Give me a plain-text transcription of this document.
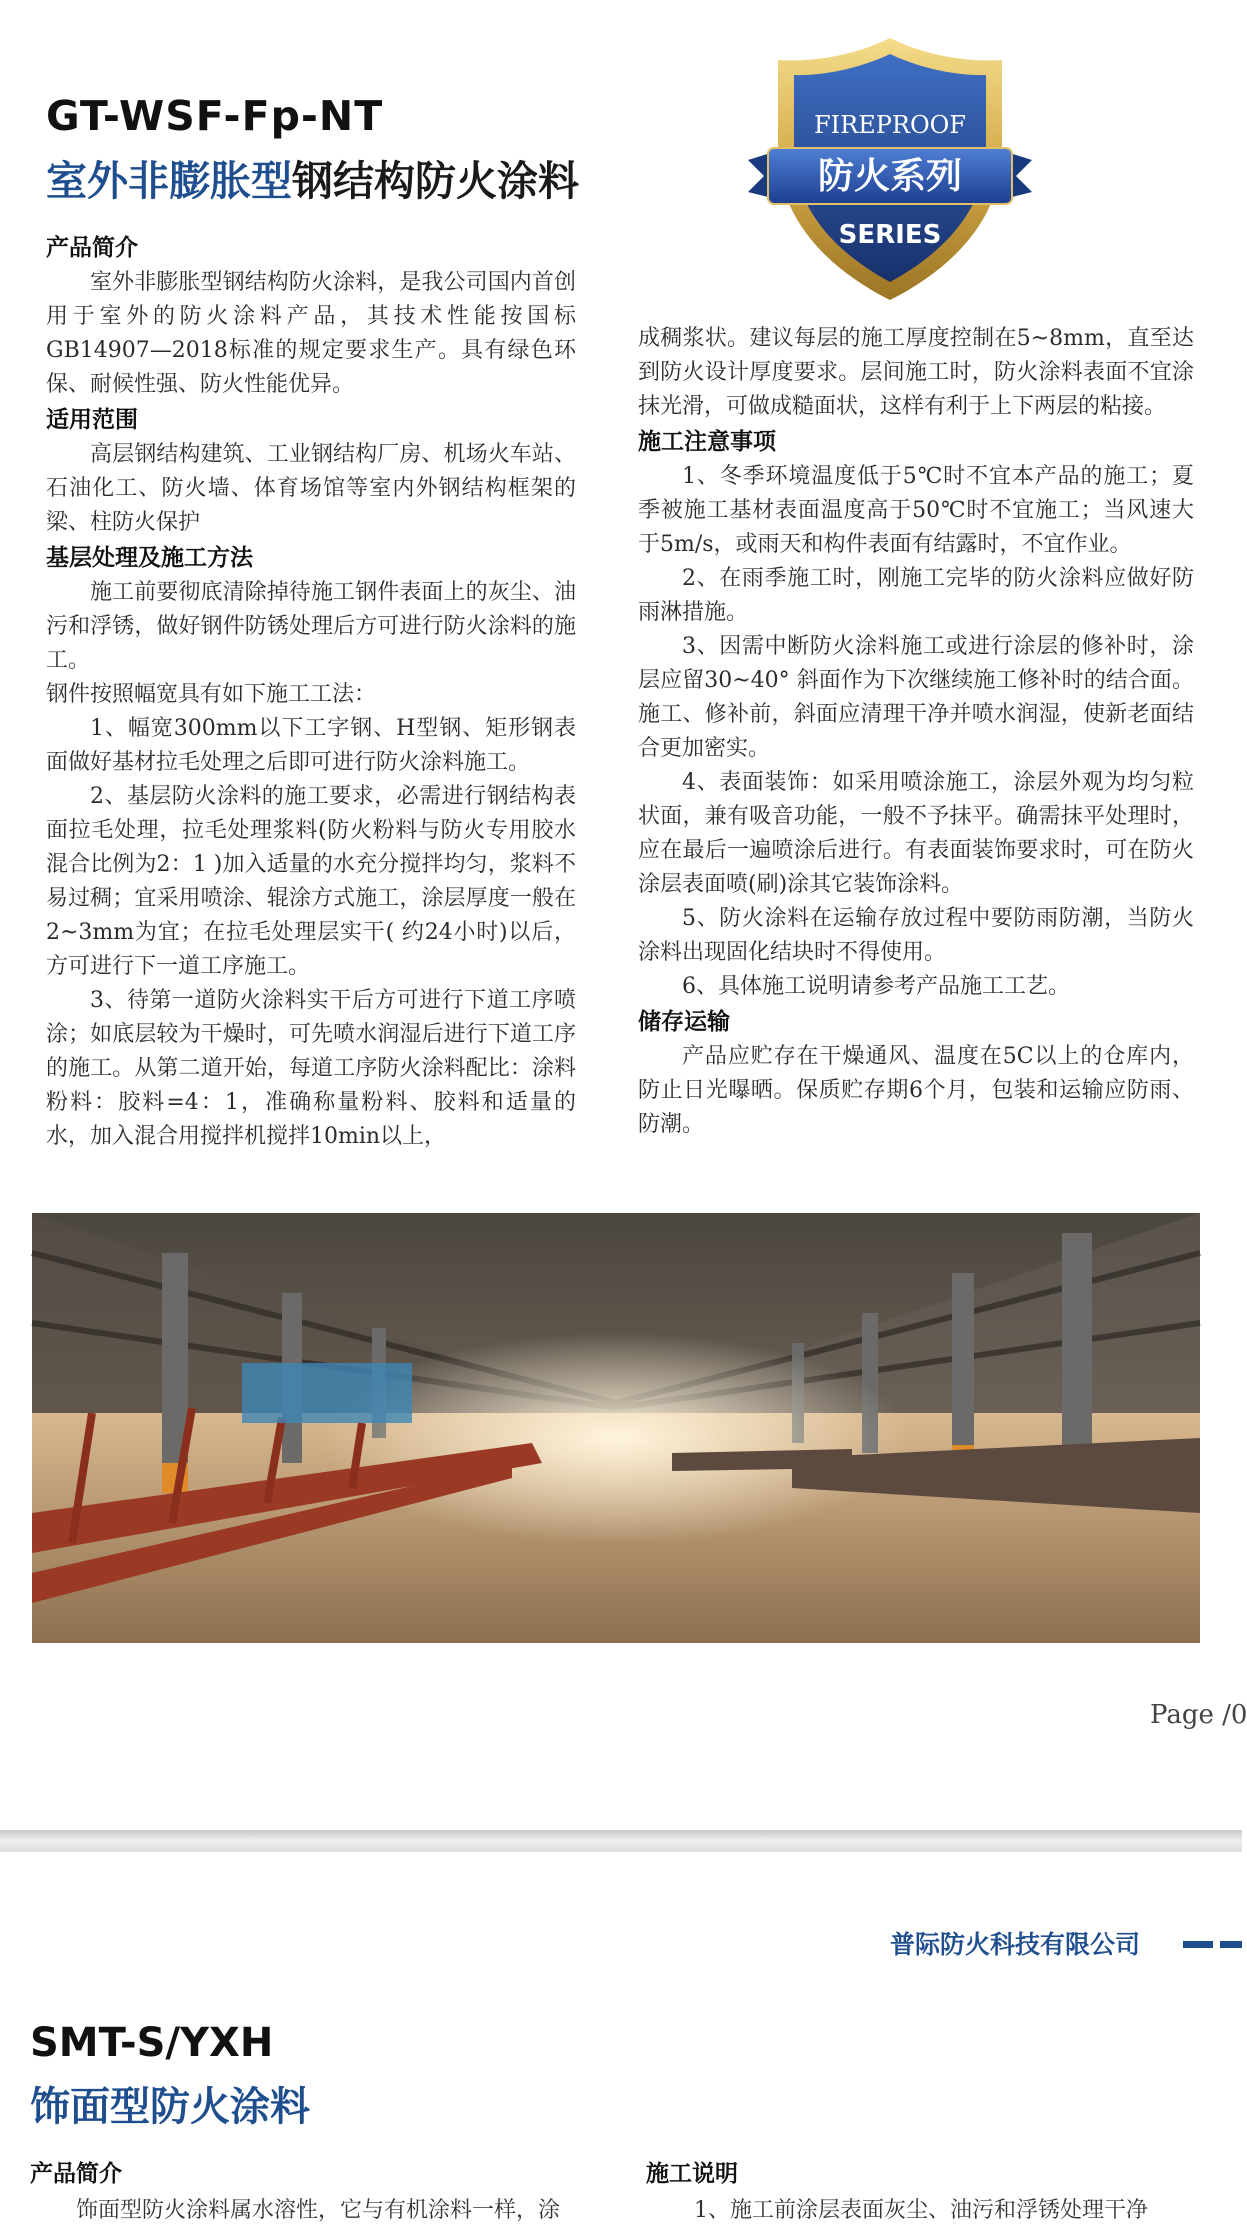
GT-WSF-Fp-NT
室外非膨胀型钢结构防火涂料
FIREPROOF
防火系列
SERIES
产品简介

室外非膨胀型钢结构防火涂料，是我公司国内首创用于室外的防火涂料产品，其技术性能按国标GB14907—2018标准的规定要求生产。具有绿色环保、耐候性强、防火性能优异。

适用范围

高层钢结构建筑、工业钢结构厂房、机场火车站、石油化工、防火墙、体育场馆等室内外钢结构框架的梁、柱防火保护

基层处理及施工方法

施工前要彻底清除掉待施工钢件表面上的灰尘、油污和浮锈，做好钢件防锈处理后方可进行防火涂料的施工。

钢件按照幅宽具有如下施工工法：

1、幅宽300mm以下工字钢、H型钢、矩形钢表面做好基材拉毛处理之后即可进行防火涂料施工。

2、基层防火涂料的施工要求，必需进行钢结构表面拉毛处理，拉毛处理浆料(防火粉料与防火专用胶水混合比例为2：1 )加入适量的水充分搅拌均匀，浆料不易过稠；宜采用喷涂、辊涂方式施工，涂层厚度一般在2~3mm为宜；在拉毛处理层实干( 约24小时)以后，方可进行下一道工序施工。

3、待第一道防火涂料实干后方可进行下道工序喷涂；如底层较为干燥时，可先喷水润湿后进行下道工序的施工。从第二道开始，每道工序防火涂料配比：涂料粉料：胶料=4：1，准确称量粉料、胶料和适量的水，加入混合用搅拌机搅拌10min以上，

成稠浆状。建议每层的施工厚度控制在5~8mm，直至达到防火设计厚度要求。层间施工时，防火涂料表面不宜涂抹光滑，可做成糙面状，这样有利于上下两层的粘接。

施工注意事项

1、冬季环境温度低于5℃时不宜本产品的施工；夏季被施工基材表面温度高于50℃时不宜施工；当风速大于5m/s，或雨天和构件表面有结露时，不宜作业。

2、在雨季施工时，刚施工完毕的防火涂料应做好防雨淋措施。

3、因需中断防火涂料施工或进行涂层的修补时，涂层应留30~40° 斜面作为下次继续施工修补时的结合面。施工、修补前，斜面应清理干净并喷水润湿，使新老面结合更加密实。

4、表面装饰：如采用喷涂施工，涂层外观为均匀粒状面，兼有吸音功能，一般不予抹平。确需抹平处理时，应在最后一遍喷涂后进行。有表面装饰要求时，可在防火涂层表面喷(刷)涂其它装饰涂料。

5、防火涂料在运输存放过程中要防雨防潮，当防火涂料出现固化结块时不得使用。

6、具体施工说明请参考产品施工工艺。

储存运输

产品应贮存在干燥通风、温度在5C以上的仓库内，防止日光曝晒。保质贮存期6个月，包装和运输应防雨、防潮。

Page /0
普际防火科技有限公司
SMT-S/YXH
饰面型防火涂料
产品简介	施工说明
饰面型防火涂料属水溶性，它与有机涂料一样，涂	1、施工前涂层表面灰尘、油污和浮锈处理干净
